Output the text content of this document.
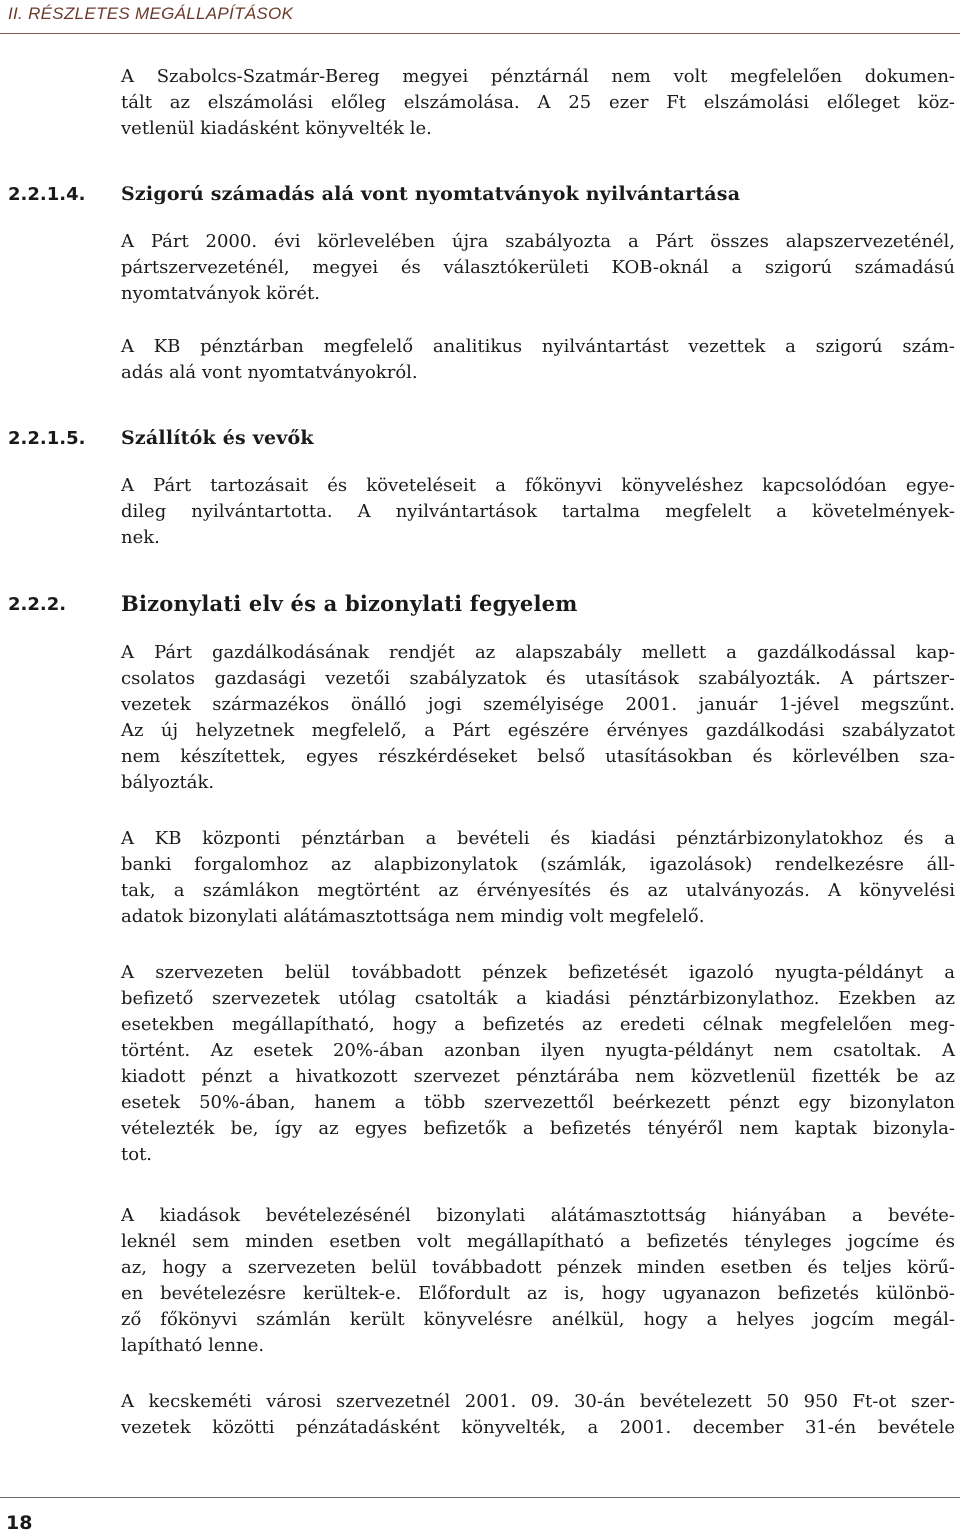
II. RÉSZLETES MEGÁLLAPÍTÁSOK
A Szabolcs-Szatmár-Bereg megyei pénztárnál nem volt megfelelően dokumen-
tált az elszámolási előleg elszámolása. A 25 ezer Ft elszámolási előleget köz-
vetlenül kiadásként könyvelték le.
2.2.1.4. Szigorú számadás alá vont nyomtatványok nyilvántartása
A Párt 2000. évi körlevelében újra szabályozta a Párt összes alapszervezeténél,
pártszervezeténél, megyei és választókerületi KOB-oknál a szigorú számadású
nyomtatványok körét.
A KB pénztárban megfelelő analitikus nyilvántartást vezettek a szigorú szám-
adás alá vont nyomtatványokról.
2.2.1.5. Szállítók és vevők
A Párt tartozásait és követeléseit a főkönyvi könyveléshez kapcsolódóan egye-
dileg nyilvántartotta. A nyilvántartások tartalma megfelelt a követelmények-
nek.
2.2.2.	Bizonylati elv és a bizonylati fegyelem
A Párt gazdálkodásának rendjét az alapszabály mellett a gazdálkodással kap-
csolatos gazdasági vezetői szabályzatok és utasítások szabályozták. A pártszer-
vezetek származékos önálló jogi személyisége 2001. január 1-jével megszűnt.
Az új helyzetnek megfelelő, a Párt egészére érvényes gazdálkodási szabályzatot
nem készítettek, egyes részkérdéseket belső utasításokban és körlevélben sza-
bályozták.
A KB központi pénztárban a bevételi és kiadási pénztárbizonylatokhoz és a
banki forgalomhoz az alapbizonylatok (számlák, igazolások) rendelkezésre áll-
tak, a számlákon megtörtént az érvényesítés és az utalványozás. A könyvelési
adatok bizonylati alátámasztottsága nem mindig volt megfelelő.
A szervezeten belül továbbadott pénzek befizetését igazoló nyugta-példányt a
befizető szervezetek utólag csatolták a kiadási pénztárbizonylathoz. Ezekben az
esetekben megállapítható, hogy a befizetés az eredeti célnak megfelelően meg-
történt. Az esetek 20%-ában azonban ilyen nyugta-példányt nem csatoltak. A
kiadott pénzt a hivatkozott szervezet pénztárába nem közvetlenül fizették be az
esetek 50%-ában, hanem a több szervezettől beérkezett pénzt egy bizonylaton
vételezték be, így az egyes befizetők a befizetés tényéről nem kaptak bizonyla-
tot.
A kiadások bevételezésénél bizonylati alátámasztottság hiányában a bevéte-
leknél sem minden esetben volt megállapítható a befizetés tényleges jogcíme és
az, hogy a szervezeten belül továbbadott pénzek minden esetben és teljes körű-
en bevételezésre kerültek-e. Előfordult az is, hogy ugyanazon befizetés különbö-
ző főkönyvi számlán került könyvelésre anélkül, hogy a helyes jogcím megál-
lapítható lenne.
A kecskeméti városi szervezetnél 2001. 09. 30-án bevételezett 50 950 Ft-ot szer-
vezetek közötti pénzátadásként könyvelték, a 2001. december 31-én bevétele
18
